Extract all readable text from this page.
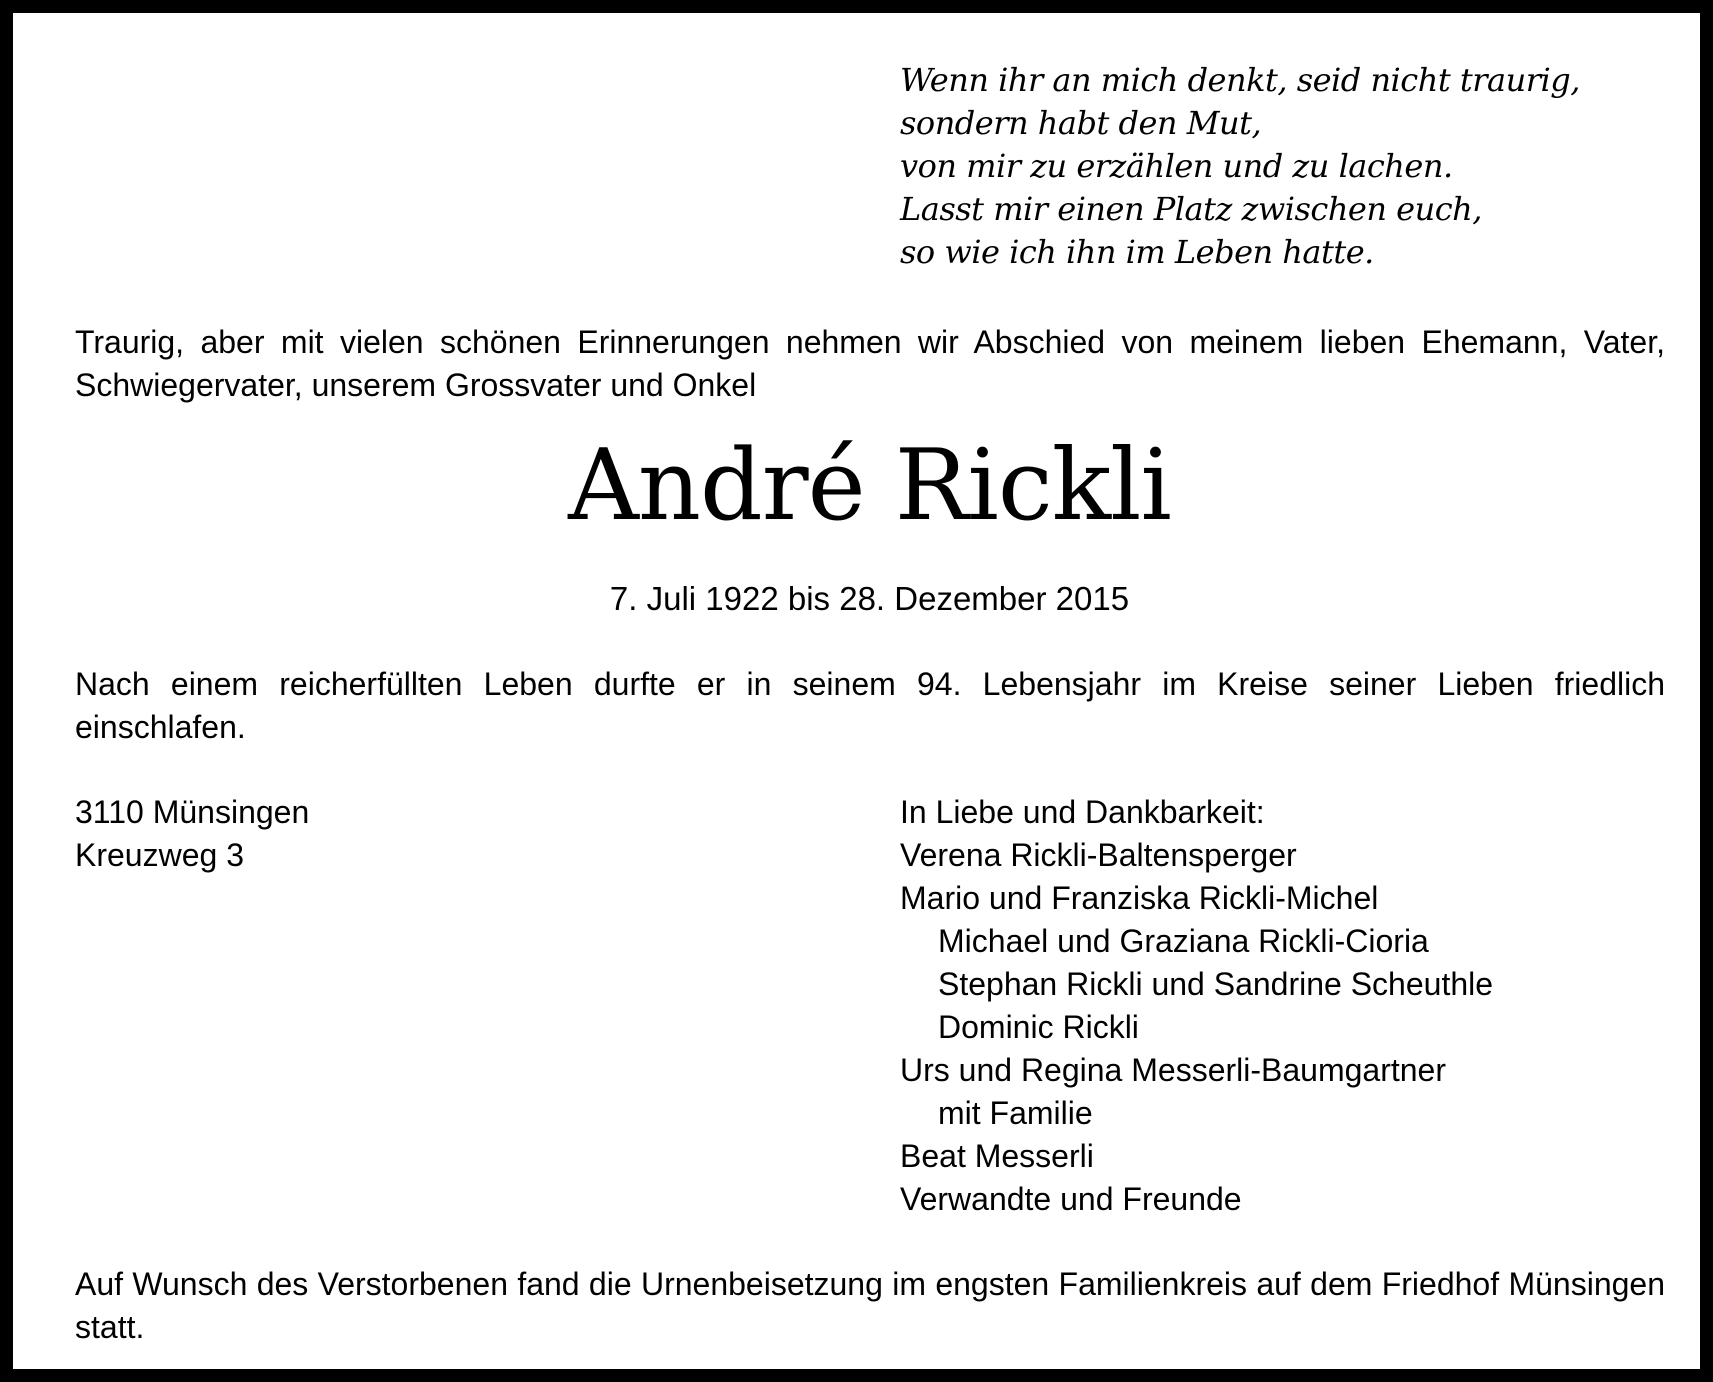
Wenn ihr an mich denkt, seid nicht traurig,
sondern habt den Mut,
von mir zu erzählen und zu lachen.
Lasst mir einen Platz zwischen euch,
so wie ich ihn im Leben hatte.
Traurig, aber mit vielen schönen Erinnerungen nehmen wir Abschied von meinem lieben Ehemann, Vater, Schwiegervater, unserem Grossvater und Onkel
André Rickli
7. Juli 1922 bis 28. Dezember 2015
Nach einem reicherfüllten Leben durfte er in seinem 94. Lebensjahr im Kreise seiner Lieben friedlich einschlafen.
3110 Münsingen
Kreuzweg 3
In Liebe und Dankbarkeit:
Verena Rickli-Baltensperger
Mario und Franziska Rickli-Michel
Michael und Graziana Rickli-Cioria
Stephan Rickli und Sandrine Scheuthle
Dominic Rickli
Urs und Regina Messerli-Baumgartner
mit Familie
Beat Messerli
Verwandte und Freunde
Auf Wunsch des Verstorbenen fand die Urnenbeisetzung im engsten Familienkreis auf dem Friedhof Münsingen statt.
